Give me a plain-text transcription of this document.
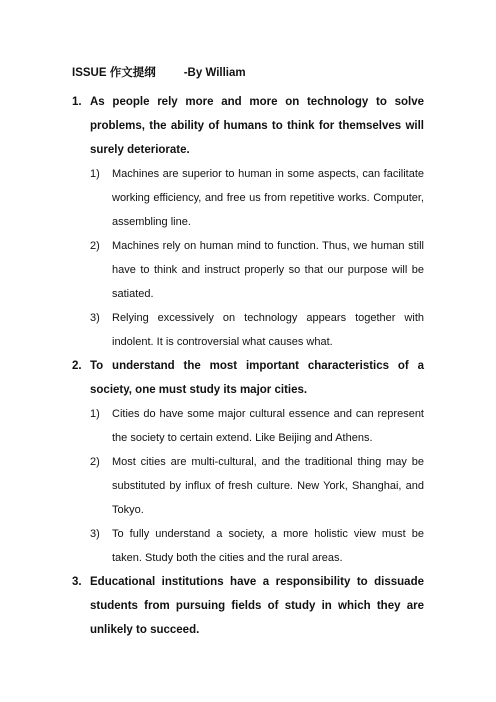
ISSUE 作文提纲 -By William
1. As people rely more and more on technology to solve problems, the ability of humans to think for themselves will surely deteriorate.
1) Machines are superior to human in some aspects, can facilitate working efficiency, and free us from repetitive works. Computer, assembling line.
2) Machines rely on human mind to function. Thus, we human still have to think and instruct properly so that our purpose will be satiated.
3) Relying excessively on technology appears together with indolent. It is controversial what causes what.
2. To understand the most important characteristics of a society, one must study its major cities.
1) Cities do have some major cultural essence and can represent the society to certain extend. Like Beijing and Athens.
2) Most cities are multi-cultural, and the traditional thing may be substituted by influx of fresh culture. New York, Shanghai, and Tokyo.
3) To fully understand a society, a more holistic view must be taken. Study both the cities and the rural areas.
3. Educational institutions have a responsibility to dissuade students from pursuing fields of study in which they are unlikely to succeed.
